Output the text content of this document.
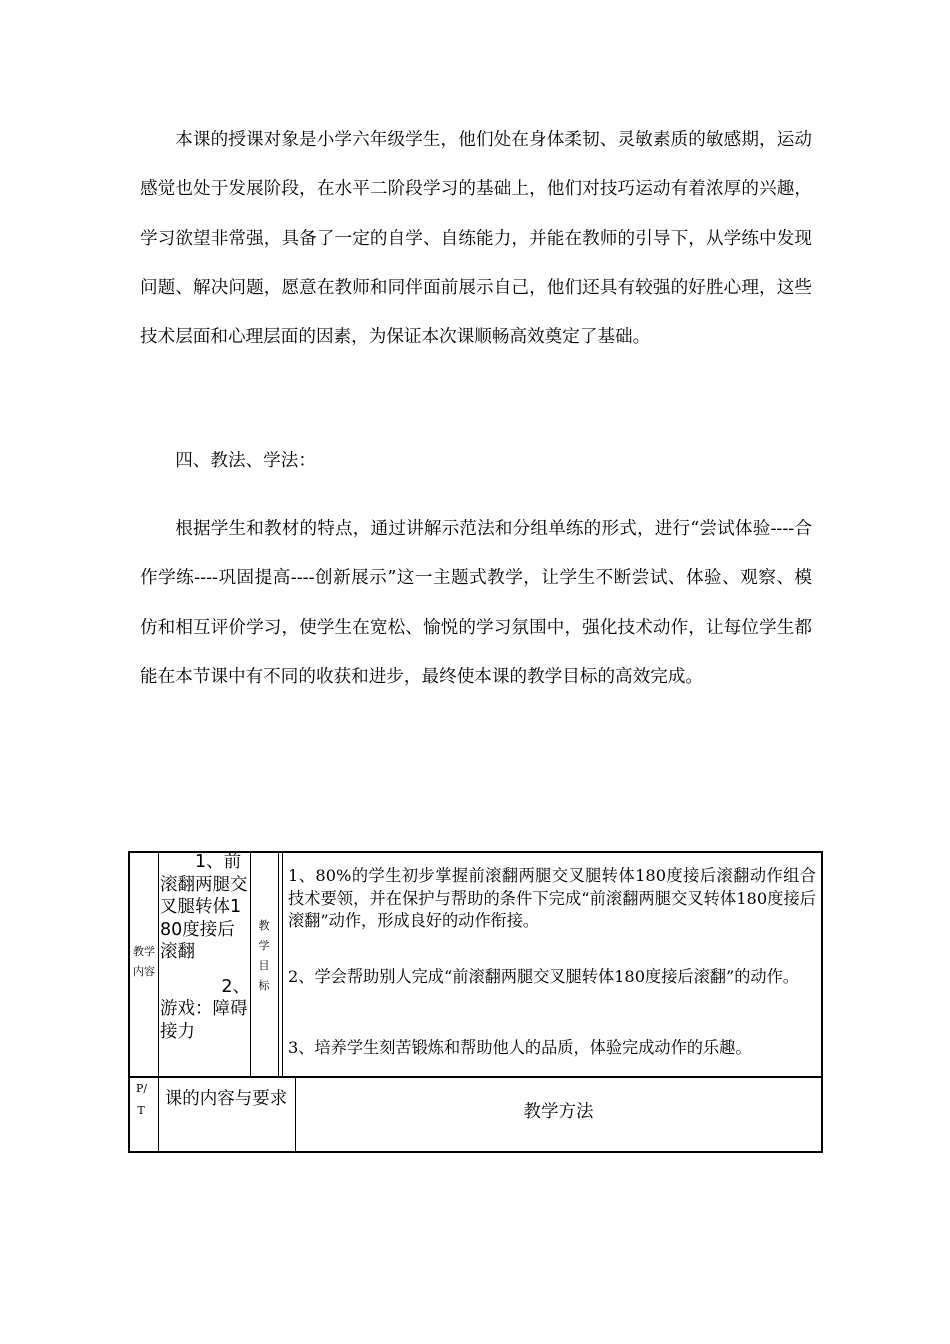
本课的授课对象是小学六年级学生，他们处在身体柔韧、灵敏素质的敏感期，运动感觉也处于发展阶段，在水平二阶段学习的基础上，他们对技巧运动有着浓厚的兴趣，学习欲望非常强，具备了一定的自学、自练能力，并能在教师的引导下，从学练中发现问题、解决问题，愿意在教师和同伴面前展示自己，他们还具有较强的好胜心理，这些技术层面和心理层面的因素，为保证本次课顺畅高效奠定了基础。

四、教法、学法：

根据学生和教材的特点，通过讲解示范法和分组单练的形式，进行“尝试体验----合作学练----巩固提高----创新展示”这一主题式教学，让学生不断尝试、体验、观察、模仿和相互评价学习，使学生在宽松、愉悦的学习氛围中，强化技术动作，让每位学生都能在本节课中有不同的收获和进步，最终使本课的教学目标的高效完成。

教学内容
1、前滚翻两腿交叉腿转体180度接后滚翻
2、
游戏：障碍接力
教学目标
1、80%的学生初步掌握前滚翻两腿交叉腿转体180度接后滚翻动作组合技术要领，并在保护与帮助的条件下完成“前滚翻两腿交叉转体180度接后滚翻”动作，形成良好的动作衔接。
2、学会帮助别人完成“前滚翻两腿交叉腿转体180度接后滚翻”的动作。
3、培养学生刻苦锻炼和帮助他人的品质，体验完成动作的乐趣。
P/T
课的内容与要求
教学方法
